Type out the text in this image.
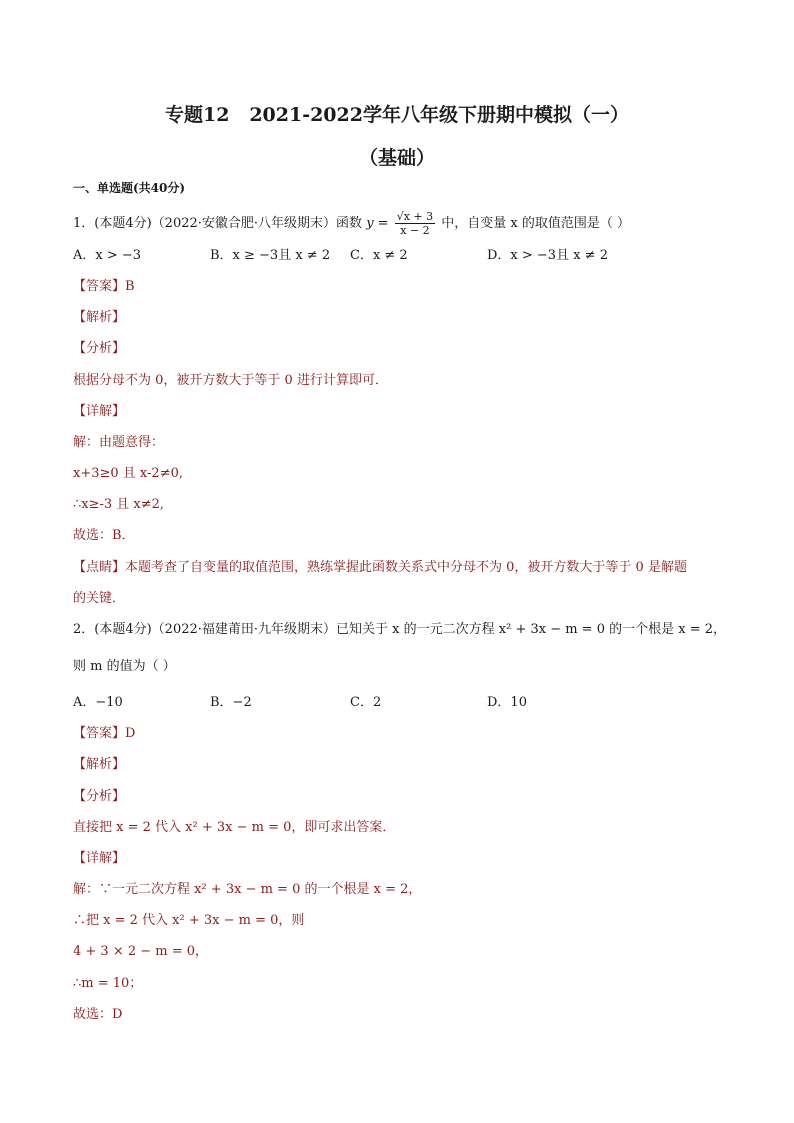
专题12   2021-2022学年八年级下册期中模拟（一）
（基础）
一、单选题(共40分)
1．(本题4分)（2022·安徽合肥·八年级期末）函数 $y = \frac{√x + 3}{x - 2}$ 中，自变量 x 的取值范围是（ ）
A．x > −3	B．x ≥ −3且 x ≠ 2 C．x ≠ 2	D．x > −3且 x ≠ 2
【答案】B
【解析】
【分析】
根据分母不为 0，被开方数大于等于 0 进行计算即可．
【详解】
解：由题意得：
x+3≥0 且 x-2≠0,
∴x≥-3 且 x≠2,
故选：B．
【点睛】本题考查了自变量的取值范围，熟练掌握此函数关系式中分母不为 0，被开方数大于等于 0 是解题
的关键．
2．(本题4分)（2022·福建莆田·九年级期末）已知关于 x 的一元二次方程 x² + 3x − m = 0 的一个根是 x = 2，
则 m 的值为（ ）
A．−10	B．−2	C．2	D．10
【答案】D
【解析】
【分析】
直接把 x = 2 代入 x² + 3x − m = 0，即可求出答案．
【详解】
解：∵一元二次方程 x² + 3x − m = 0 的一个根是 x = 2，
∴把 x = 2 代入 x² + 3x − m = 0，则
4 + 3 × 2 − m = 0，
∴m = 10；
故选：D
